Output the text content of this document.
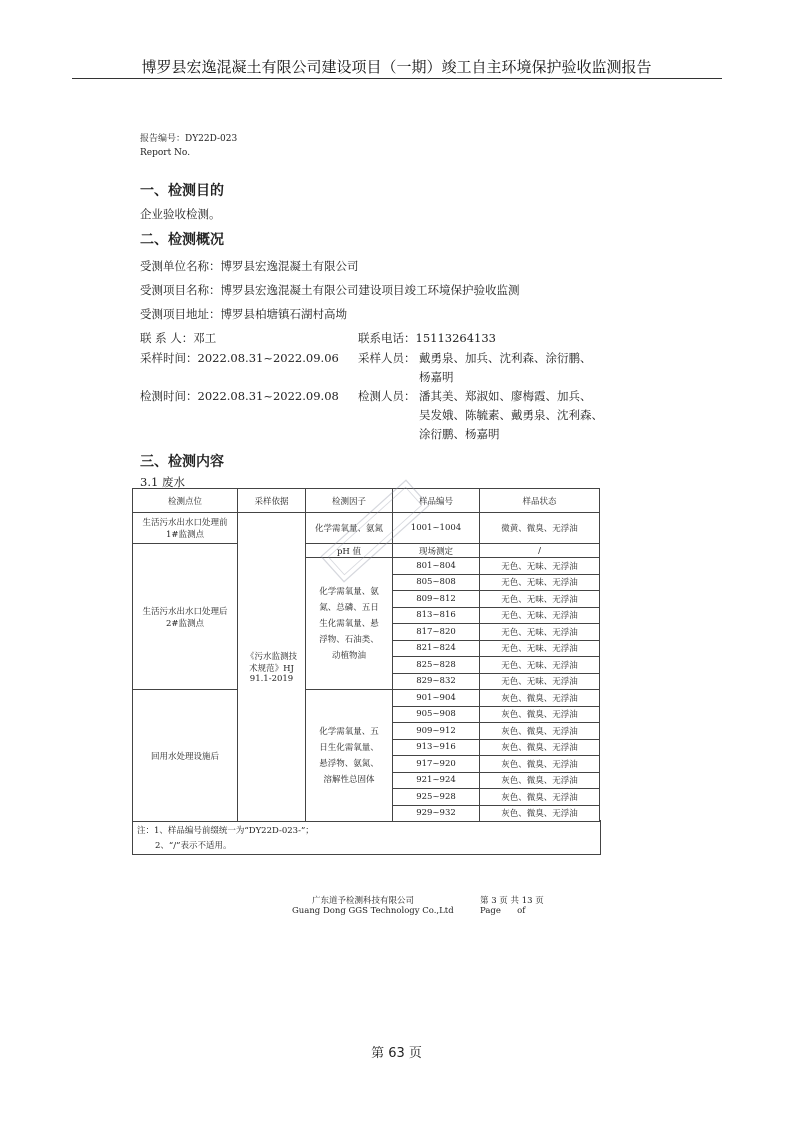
博罗县宏逸混凝土有限公司建设项目（一期）竣工自主环境保护验收监测报告
报告编号：DY22D-023
Report No.
一、检测目的
企业验收检测。
二、检测概况
受测单位名称：博罗县宏逸混凝土有限公司
受测项目名称：博罗县宏逸混凝土有限公司建设项目竣工环境保护验收监测
受测项目地址：博罗县柏塘镇石湖村高坳
联 系 人：邓工	联系电话：15113264133
采样时间：2022.08.31~2022.09.06 采样人员： 戴勇泉、加兵、沈利森、涂衍鹏、
杨嘉明
检测时间：2022.08.31~2022.09.08 检测人员： 潘其美、郑淑如、廖梅霞、加兵、
吴发娥、陈毓素、戴勇泉、沈利森、
涂衍鹏、杨嘉明
三、检测内容
3.1 废水
检测点位	采样依据	检测因子	样品编号	样品状态
生活污水出水口处理前1#监测点	《污水监测技术规范》HJ 91.1-2019	化学需氧量、氨氮	1001~1004	微黄、微臭、无浮油
生活污水出水口处理后2#监测点		pH 值	现场测定	/
		化学需氧量、氨氮、总磷、五日生化需氧量、悬浮物、石油类、动植物油	801~804	无色、无味、无浮油
			805~808	无色、无味、无浮油
			809~812	无色、无味、无浮油
			813~816	无色、无味、无浮油
			817~820	无色、无味、无浮油
			821~824	无色、无味、无浮油
			825~828	无色、无味、无浮油
			829~832	无色、无味、无浮油
回用水处理设施后		化学需氧量、五日生化需氧量、悬浮物、氨氮、溶解性总固体	901~904	灰色、微臭、无浮油
			905~908	灰色、微臭、无浮油
			909~912	灰色、微臭、无浮油
			913~916	灰色、微臭、无浮油
			917~920	灰色、微臭、无浮油
			921~924	灰色、微臭、无浮油
			925~928	灰色、微臭、无浮油
			929~932	灰色、微臭、无浮油
注：1、样品编号前缀统一为“DY22D-023-”；
2、“/”表示不适用。
广东道予检测科技有限公司
Guang Dong GGS Technology Co.,Ltd
第 3 页 共 13 页
Page      of
第 63 页
